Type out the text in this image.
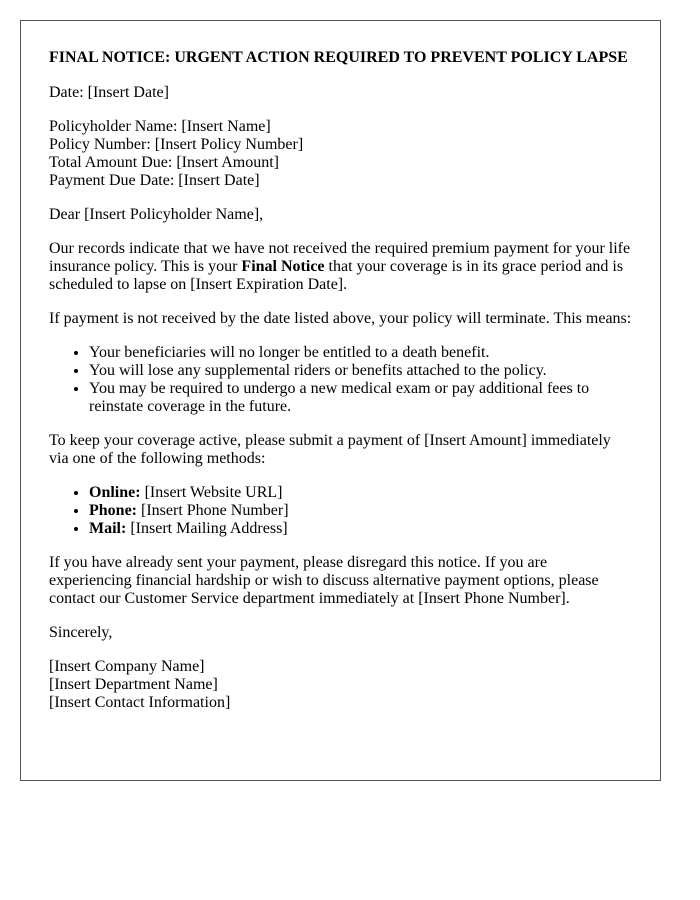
FINAL NOTICE: URGENT ACTION REQUIRED TO PREVENT POLICY LAPSE

Date: [Insert Date]

Policyholder Name: [Insert Name]
Policy Number: [Insert Policy Number]
Total Amount Due: [Insert Amount]
Payment Due Date: [Insert Date]

Dear [Insert Policyholder Name],

Our records indicate that we have not received the required premium payment for your life insurance policy. This is your Final Notice that your coverage is in its grace period and is scheduled to lapse on [Insert Expiration Date].

If payment is not received by the date listed above, your policy will terminate. This means:

• Your beneficiaries will no longer be entitled to a death benefit.
• You will lose any supplemental riders or benefits attached to the policy.
• You may be required to undergo a new medical exam or pay additional fees to reinstate coverage in the future.

To keep your coverage active, please submit a payment of [Insert Amount] immediately via one of the following methods:

• Online: [Insert Website URL]
• Phone: [Insert Phone Number]
• Mail: [Insert Mailing Address]

If you have already sent your payment, please disregard this notice. If you are experiencing financial hardship or wish to discuss alternative payment options, please contact our Customer Service department immediately at [Insert Phone Number].

Sincerely,

[Insert Company Name]
[Insert Department Name]
[Insert Contact Information]
